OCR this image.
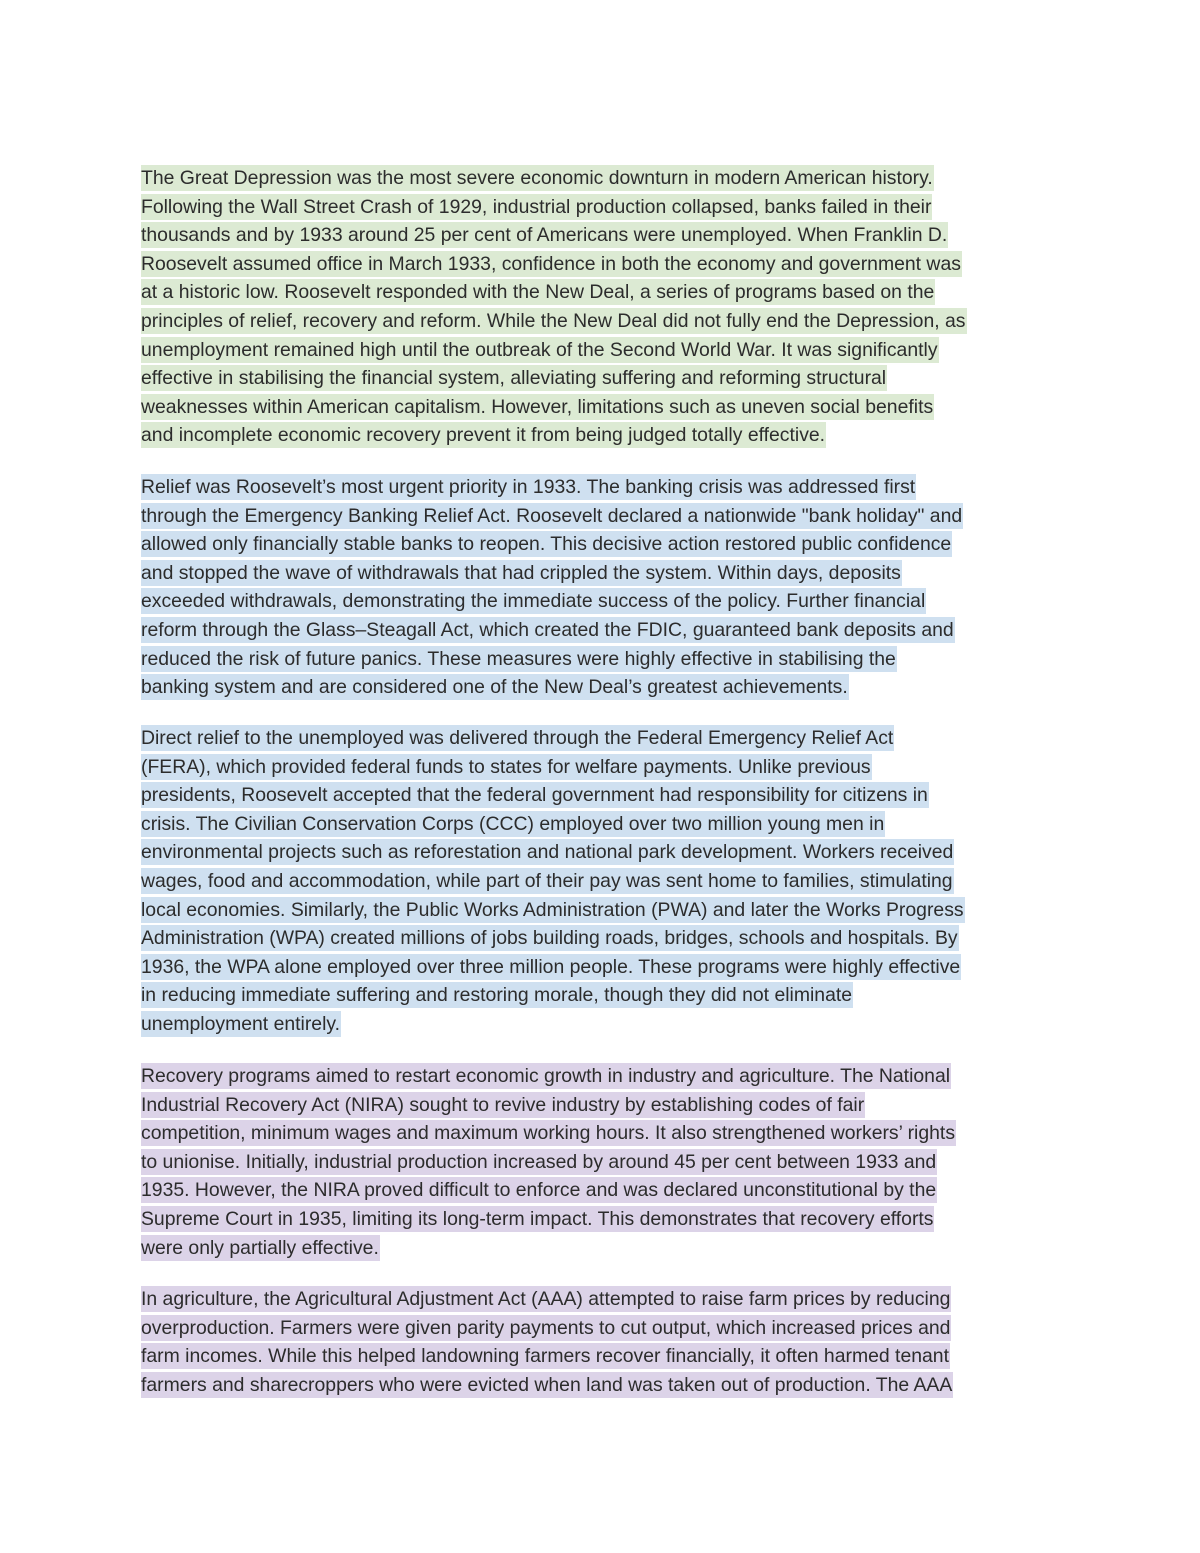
The Great Depression was the most severe economic downturn in modern American history.
Following the Wall Street Crash of 1929, industrial production collapsed, banks failed in their
thousands and by 1933 around 25 per cent of Americans were unemployed. When Franklin D.
Roosevelt assumed office in March 1933, confidence in both the economy and government was
at a historic low. Roosevelt responded with the New Deal, a series of programs based on the
principles of relief, recovery and reform. While the New Deal did not fully end the Depression, as
unemployment remained high until the outbreak of the Second World War. It was significantly
effective in stabilising the financial system, alleviating suffering and reforming structural
weaknesses within American capitalism. However, limitations such as uneven social benefits
and incomplete economic recovery prevent it from being judged totally effective.
Relief was Roosevelt’s most urgent priority in 1933. The banking crisis was addressed first
through the Emergency Banking Relief Act. Roosevelt declared a nationwide "bank holiday" and
allowed only financially stable banks to reopen. This decisive action restored public confidence
and stopped the wave of withdrawals that had crippled the system. Within days, deposits
exceeded withdrawals, demonstrating the immediate success of the policy. Further financial
reform through the Glass–Steagall Act, which created the FDIC, guaranteed bank deposits and
reduced the risk of future panics. These measures were highly effective in stabilising the
banking system and are considered one of the New Deal’s greatest achievements.
Direct relief to the unemployed was delivered through the Federal Emergency Relief Act
(FERA), which provided federal funds to states for welfare payments. Unlike previous
presidents, Roosevelt accepted that the federal government had responsibility for citizens in
crisis. The Civilian Conservation Corps (CCC) employed over two million young men in
environmental projects such as reforestation and national park development. Workers received
wages, food and accommodation, while part of their pay was sent home to families, stimulating
local economies. Similarly, the Public Works Administration (PWA) and later the Works Progress
Administration (WPA) created millions of jobs building roads, bridges, schools and hospitals. By
1936, the WPA alone employed over three million people. These programs were highly effective
in reducing immediate suffering and restoring morale, though they did not eliminate
unemployment entirely.
Recovery programs aimed to restart economic growth in industry and agriculture. The National
Industrial Recovery Act (NIRA) sought to revive industry by establishing codes of fair
competition, minimum wages and maximum working hours. It also strengthened workers’ rights
to unionise. Initially, industrial production increased by around 45 per cent between 1933 and
1935. However, the NIRA proved difficult to enforce and was declared unconstitutional by the
Supreme Court in 1935, limiting its long-term impact. This demonstrates that recovery efforts
were only partially effective.
In agriculture, the Agricultural Adjustment Act (AAA) attempted to raise farm prices by reducing
overproduction. Farmers were given parity payments to cut output, which increased prices and
farm incomes. While this helped landowning farmers recover financially, it often harmed tenant
farmers and sharecroppers who were evicted when land was taken out of production. The AAA
